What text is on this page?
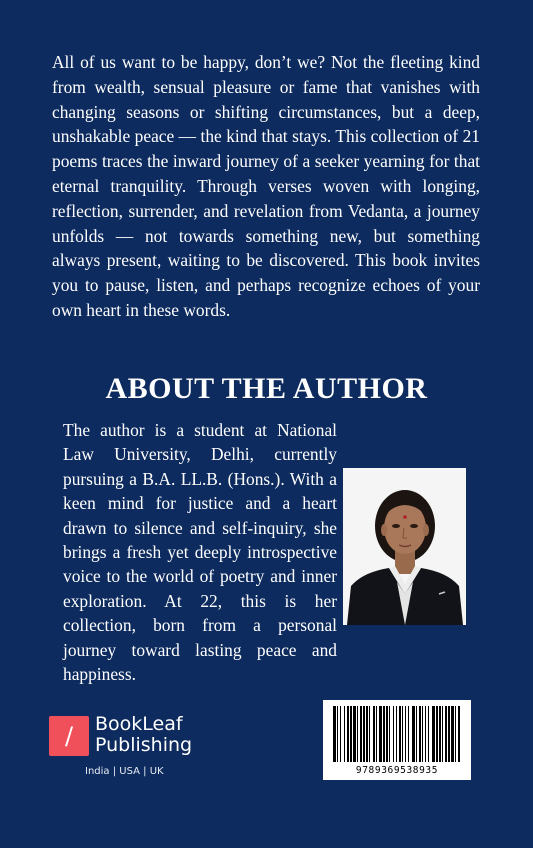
All of us want to be happy, don’t we? Not the fleeting kind from wealth, sensual pleasure or fame that vanishes with changing seasons or shifting circumstances, but a deep, unshakable peace — the kind that stays. This collection of 21 poems traces the inward journey of a seeker yearning for that eternal tranquility. Through verses woven with longing, reflection, surrender, and revelation from Vedanta, a journey unfolds — not towards something new, but something always present, waiting to be discovered. This book invites you to pause, listen, and perhaps recognize echoes of your own heart in these words.

ABOUT THE AUTHOR

The author is a student at National Law University, Delhi, currently pursuing a B.A. LL.B. (Hons.). With a keen mind for justice and a heart drawn to silence and self-inquiry, she brings a fresh yet deeply introspective voice to the world of poetry and inner exploration. At 22, this is her collection, born from a personal journey toward lasting peace and happiness.

/	BookLeaf
Publishing
India | USA | UK	9789369538935
